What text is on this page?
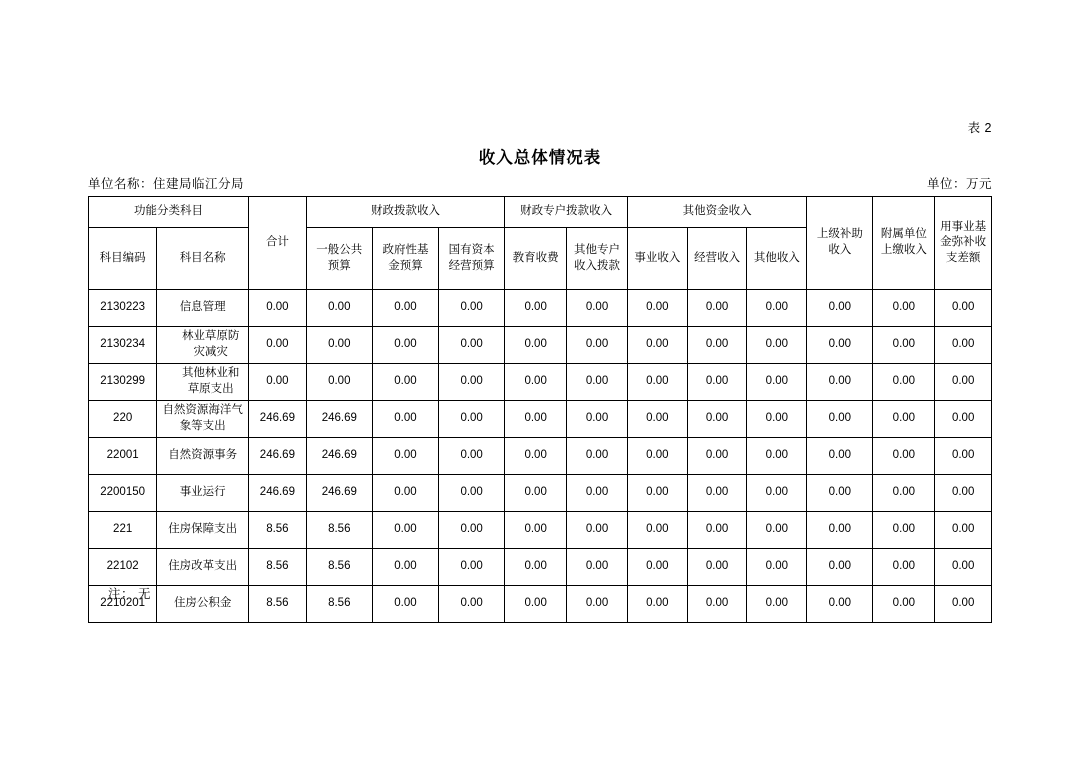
表 2
收入总体情况表
单位名称：住建局临江分局	单位：万元
功能分类科目		合计	财政拨款收入			财政专户拨款收入		其他资金收入			上级补助收入	附属单位上缴收入	用事业基金弥补收支差额
科目编码	科目名称		一般公共预算	政府性基金预算	国有资本经营预算	教育收费	其他专户收入拨款	事业收入	经营收入	其他收入			
2130223	信息管理	0.00	0.00	0.00	0.00	0.00	0.00	0.00	0.00	0.00	0.00	0.00	0.00
2130234	林业草原防灾减灾	0.00	0.00	0.00	0.00	0.00	0.00	0.00	0.00	0.00	0.00	0.00	0.00
2130299	其他林业和草原支出	0.00	0.00	0.00	0.00	0.00	0.00	0.00	0.00	0.00	0.00	0.00	0.00
220	自然资源海洋气象等支出	246.69	246.69	0.00	0.00	0.00	0.00	0.00	0.00	0.00	0.00	0.00	0.00
22001	自然资源事务	246.69	246.69	0.00	0.00	0.00	0.00	0.00	0.00	0.00	0.00	0.00	0.00
2200150	事业运行	246.69	246.69	0.00	0.00	0.00	0.00	0.00	0.00	0.00	0.00	0.00	0.00
221	住房保障支出	8.56	8.56	0.00	0.00	0.00	0.00	0.00	0.00	0.00	0.00	0.00	0.00
22102	住房改革支出	8.56	8.56	0.00	0.00	0.00	0.00	0.00	0.00	0.00	0.00	0.00	0.00
2210201	住房公积金	8.56	8.56	0.00	0.00	0.00	0.00	0.00	0.00	0.00	0.00	0.00	0.00
注： 无
